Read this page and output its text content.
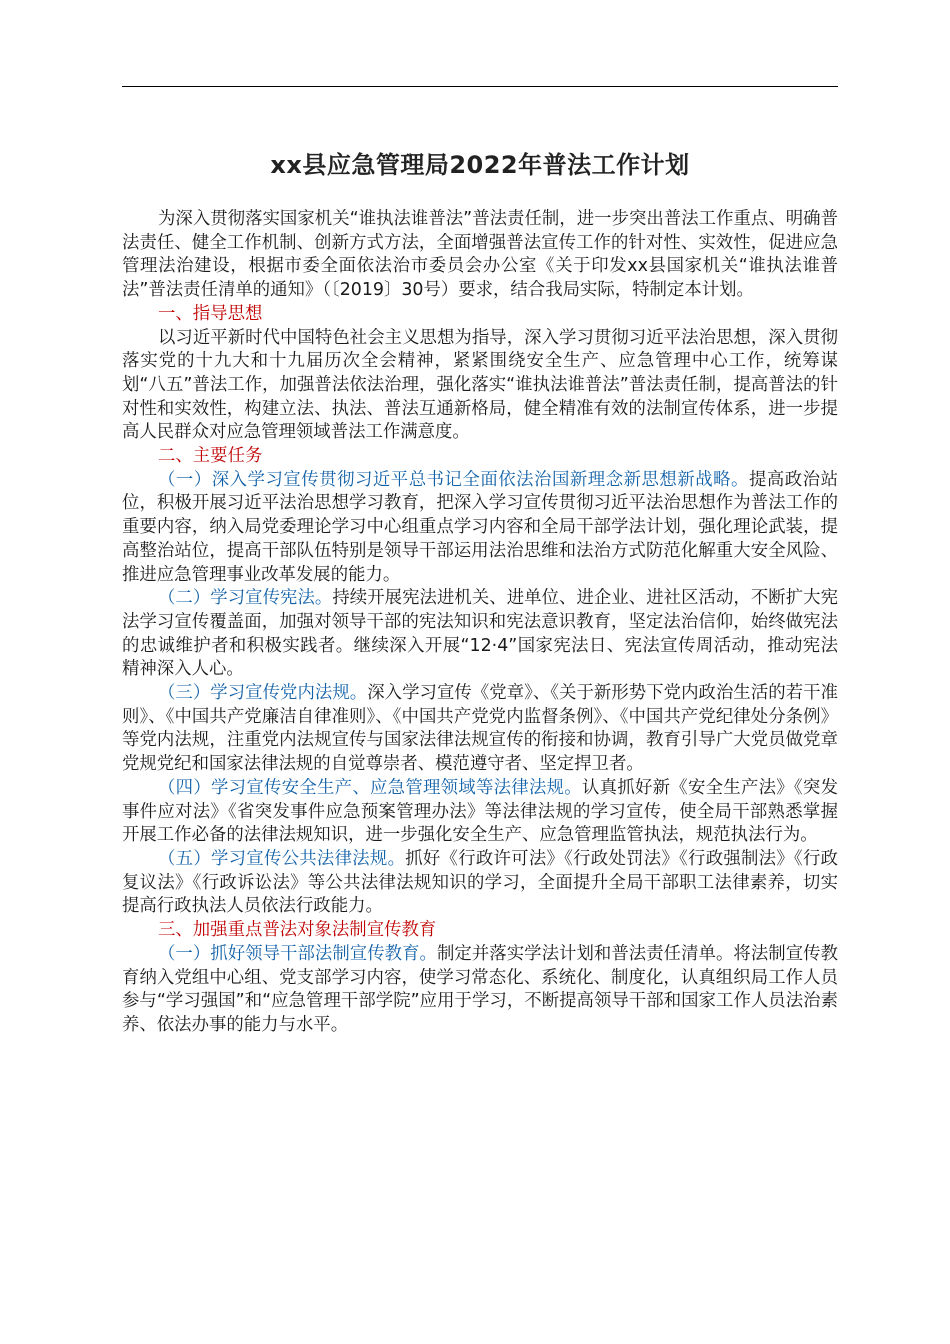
xx县应急管理局2022年普法工作计划

为深入贯彻落实国家机关“谁执法谁普法”普法责任制，进一步突出普法工作重点、明确普法责任、健全工作机制、创新方式方法，全面增强普法宣传工作的针对性、实效性，促进应急管理法治建设，根据市委全面依法治市委员会办公室《关于印发xx县国家机关“谁执法谁普法”普法责任清单的通知》（〔2019〕30号）要求，结合我局实际，特制定本计划。

一、指导思想

以习近平新时代中国特色社会主义思想为指导，深入学习贯彻习近平法治思想，深入贯彻落实党的十九大和十九届历次全会精神，紧紧围绕安全生产、应急管理中心工作，统筹谋划“八五”普法工作，加强普法依法治理，强化落实“谁执法谁普法”普法责任制，提高普法的针对性和实效性，构建立法、执法、普法互通新格局，健全精准有效的法制宣传体系，进一步提高人民群众对应急管理领域普法工作满意度。

二、主要任务

（一）深入学习宣传贯彻习近平总书记全面依法治国新理念新思想新战略。提高政治站位，积极开展习近平法治思想学习教育，把深入学习宣传贯彻习近平法治思想作为普法工作的重要内容，纳入局党委理论学习中心组重点学习内容和全局干部学法计划，强化理论武装，提高整治站位，提高干部队伍特别是领导干部运用法治思维和法治方式防范化解重大安全风险、推进应急管理事业改革发展的能力。

（二）学习宣传宪法。持续开展宪法进机关、进单位、进企业、进社区活动，不断扩大宪法学习宣传覆盖面，加强对领导干部的宪法知识和宪法意识教育，坚定法治信仰，始终做宪法的忠诚维护者和积极实践者。继续深入开展“12·4”国家宪法日、宪法宣传周活动，推动宪法精神深入人心。

（三）学习宣传党内法规。深入学习宣传《党章》、《关于新形势下党内政治生活的若干准则》、《中国共产党廉洁自律准则》、《中国共产党党内监督条例》、《中国共产党纪律处分条例》等党内法规，注重党内法规宣传与国家法律法规宣传的衔接和协调，教育引导广大党员做党章党规党纪和国家法律法规的自觉尊崇者、模范遵守者、坚定捍卫者。

（四）学习宣传安全生产、应急管理领域等法律法规。认真抓好新《安全生产法》《突发事件应对法》《省突发事件应急预案管理办法》等法律法规的学习宣传，使全局干部熟悉掌握开展工作必备的法律法规知识，进一步强化安全生产、应急管理监管执法，规范执法行为。

（五）学习宣传公共法律法规。抓好《行政许可法》《行政处罚法》《行政强制法》《行政复议法》《行政诉讼法》等公共法律法规知识的学习，全面提升全局干部职工法律素养，切实提高行政执法人员依法行政能力。

三、加强重点普法对象法制宣传教育

（一）抓好领导干部法制宣传教育。制定并落实学法计划和普法责任清单。将法制宣传教育纳入党组中心组、党支部学习内容，使学习常态化、系统化、制度化，认真组织局工作人员参与“学习强国”和“应急管理干部学院”应用于学习，不断提高领导干部和国家工作人员法治素养、依法办事的能力与水平。
